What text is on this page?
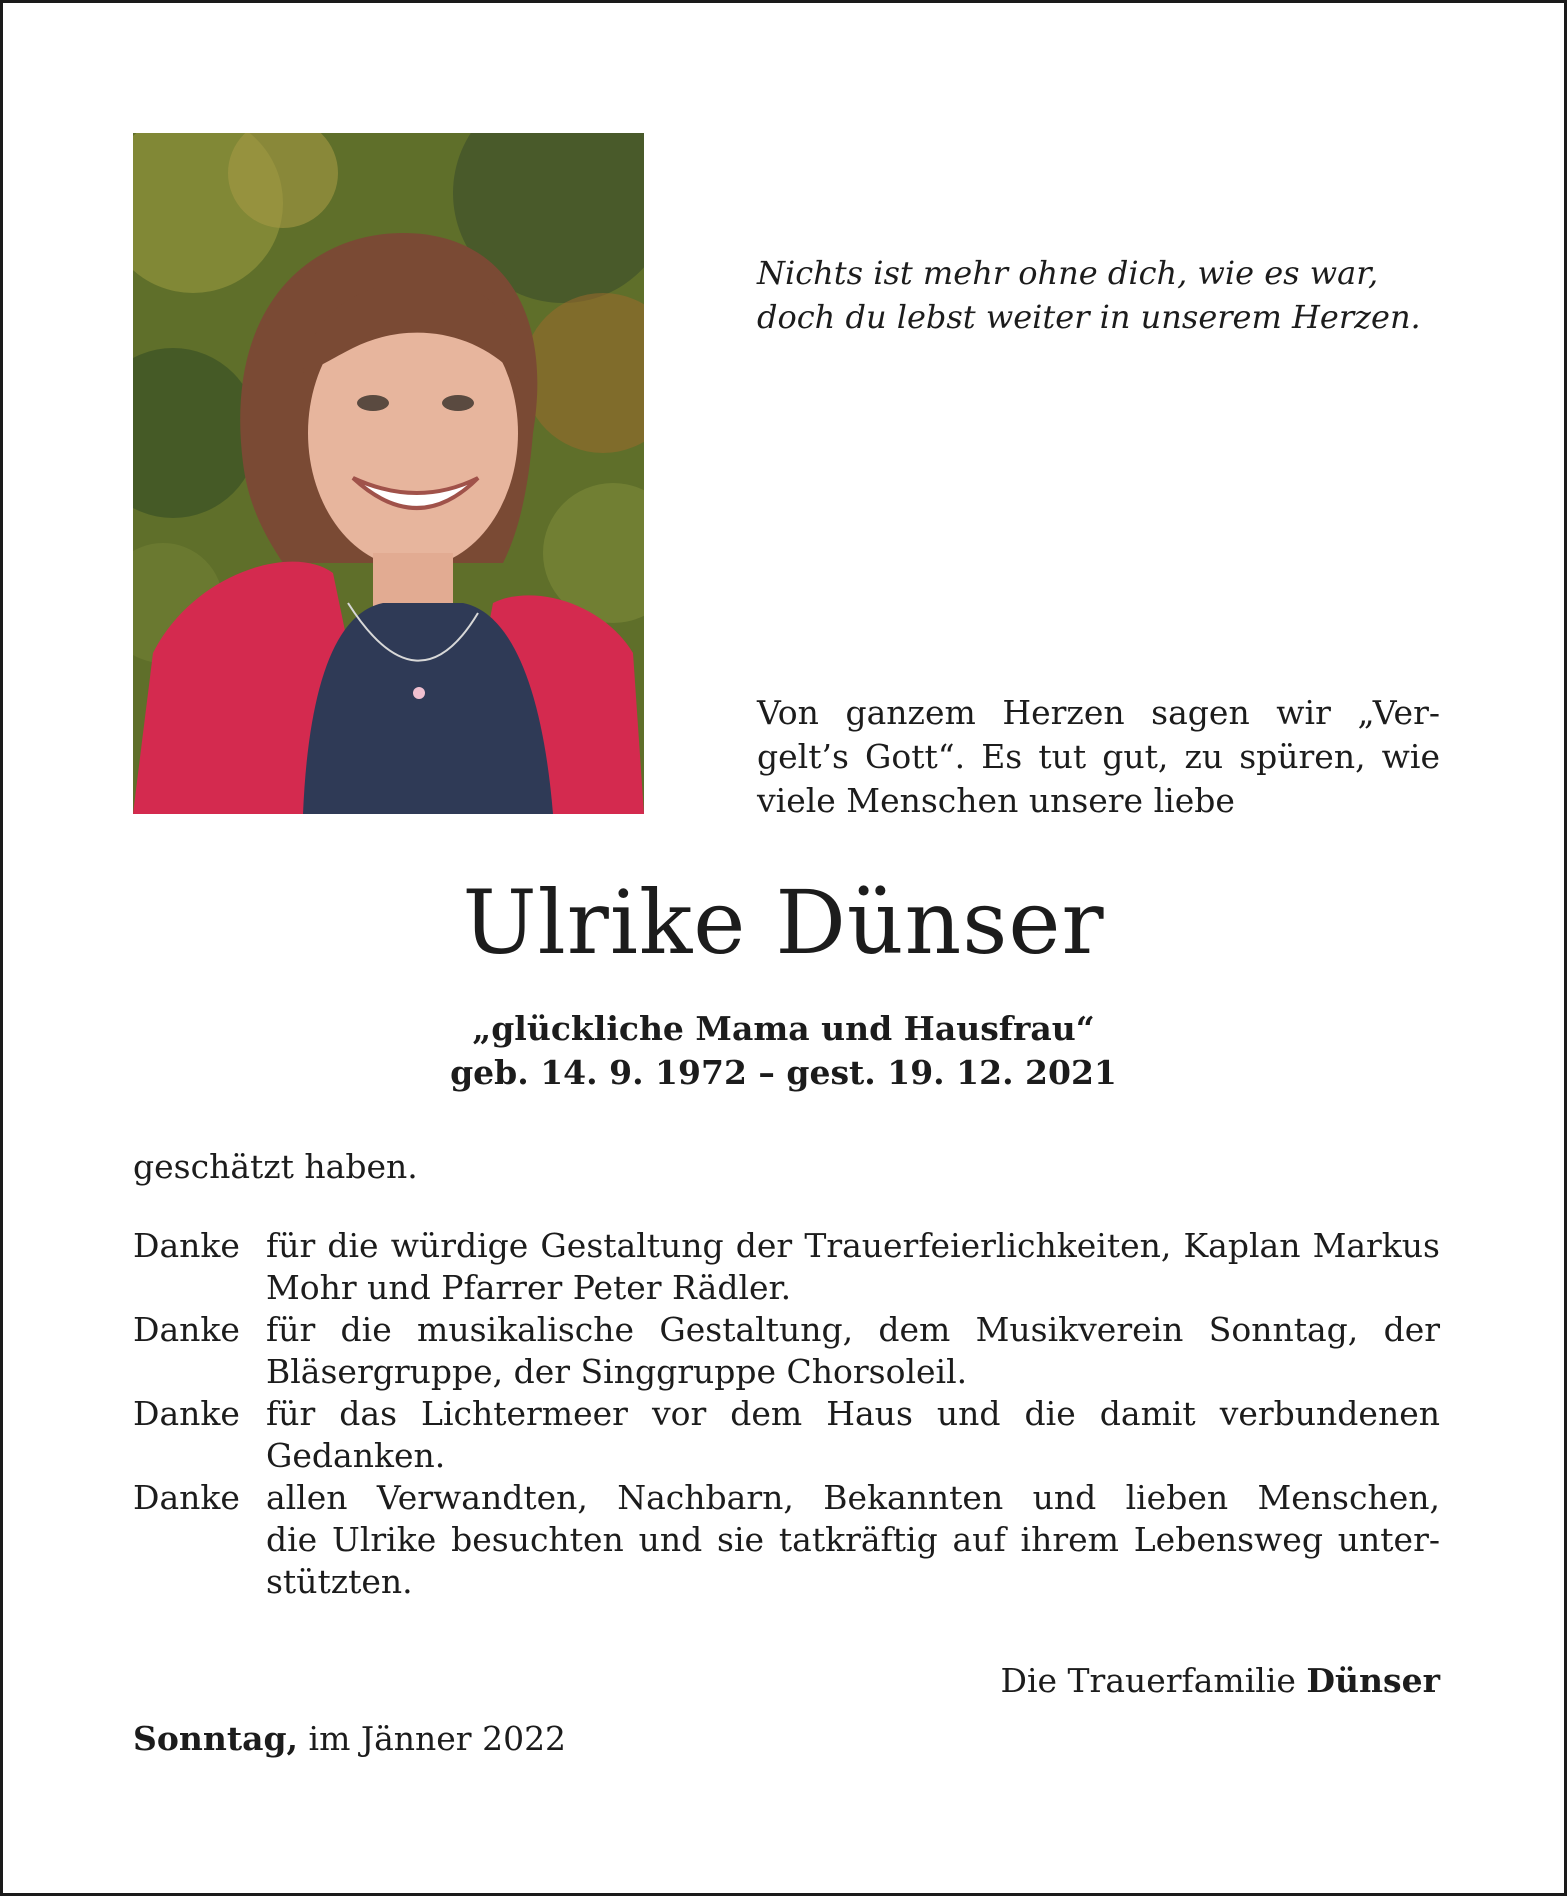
Nichts ist mehr ohne dich, wie es war,
doch du lebst weiter in unserem Herzen.
Von ganzem Herzen sagen wir „Ver-
gelt’s Gott“. Es tut gut, zu spüren, wie
viele Menschen unsere liebe
Ulrike Dünser
„glückliche Mama und Hausfrau“
geb. 14. 9. 1972 – gest. 19. 12. 2021
geschätzt haben.
Danke für die würdige Gestaltung der Trauerfeierlichkeiten, Kaplan Markus
Mohr und Pfarrer Peter Rädler.
Danke für die musikalische Gestaltung, dem Musikverein Sonntag, der
Bläsergruppe, der Singgruppe Chorsoleil.
Danke für das Lichtermeer vor dem Haus und die damit verbundenen
Gedanken.
Danke allen Verwandten, Nachbarn, Bekannten und lieben Menschen,
die Ulrike besuchten und sie tatkräftig auf ihrem Lebensweg unter-
stützten.
Die Trauerfamilie Dünser
Sonntag, im Jänner 2022
